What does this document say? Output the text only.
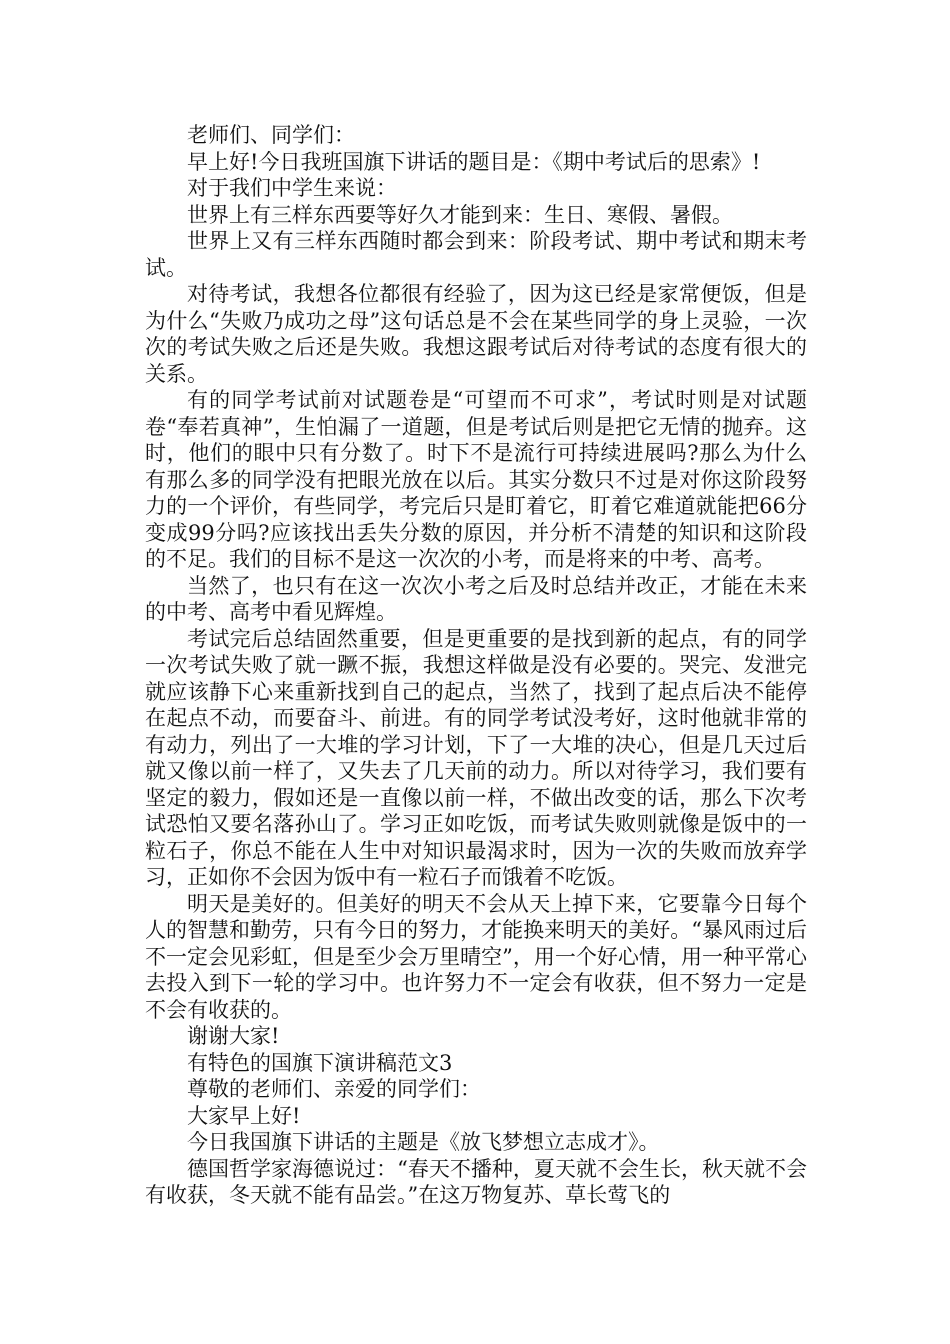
老师们、同学们：

早上好!今日我班国旗下讲话的题目是：《期中考试后的思索》!

对于我们中学生来说：

世界上有三样东西要等好久才能到来：生日、寒假、暑假。

世界上又有三样东西随时都会到来：阶段考试、期中考试和期末考试。

对待考试，我想各位都很有经验了，因为这已经是家常便饭，但是为什么“失败乃成功之母”这句话总是不会在某些同学的身上灵验，一次次的考试失败之后还是失败。我想这跟考试后对待考试的态度有很大的关系。

有的同学考试前对试题卷是“可望而不可求”，考试时则是对试题卷“奉若真神”，生怕漏了一道题，但是考试后则是把它无情的抛弃。这时，他们的眼中只有分数了。时下不是流行可持续进展吗?那么为什么有那么多的同学没有把眼光放在以后。其实分数只不过是对你这阶段努力的一个评价，有些同学，考完后只是盯着它，盯着它难道就能把66分变成99分吗?应该找出丢失分数的原因，并分析不清楚的知识和这阶段的不足。我们的目标不是这一次次的小考，而是将来的中考、高考。

当然了，也只有在这一次次小考之后及时总结并改正，才能在未来的中考、高考中看见辉煌。

考试完后总结固然重要，但是更重要的是找到新的起点，有的同学一次考试失败了就一蹶不振，我想这样做是没有必要的。哭完、发泄完就应该静下心来重新找到自己的起点，当然了，找到了起点后决不能停在起点不动，而要奋斗、前进。有的同学考试没考好，这时他就非常的有动力，列出了一大堆的学习计划，下了一大堆的决心，但是几天过后就又像以前一样了，又失去了几天前的动力。所以对待学习，我们要有坚定的毅力，假如还是一直像以前一样，不做出改变的话，那么下次考试恐怕又要名落孙山了。学习正如吃饭，而考试失败则就像是饭中的一粒石子，你总不能在人生中对知识最渴求时，因为一次的失败而放弃学习，正如你不会因为饭中有一粒石子而饿着不吃饭。

明天是美好的。但美好的明天不会从天上掉下来，它要靠今日每个人的智慧和勤劳，只有今日的努力，才能换来明天的美好。“暴风雨过后不一定会见彩虹，但是至少会万里晴空”，用一个好心情，用一种平常心去投入到下一轮的学习中。也许努力不一定会有收获，但不努力一定是不会有收获的。

谢谢大家!

有特色的国旗下演讲稿范文3

尊敬的老师们、亲爱的同学们：

大家早上好!

今日我国旗下讲话的主题是《放飞梦想立志成才》。

德国哲学家海德说过：“春天不播种，夏天就不会生长，秋天就不会有收获，冬天就不能有品尝。”在这万物复苏、草长莺飞的
